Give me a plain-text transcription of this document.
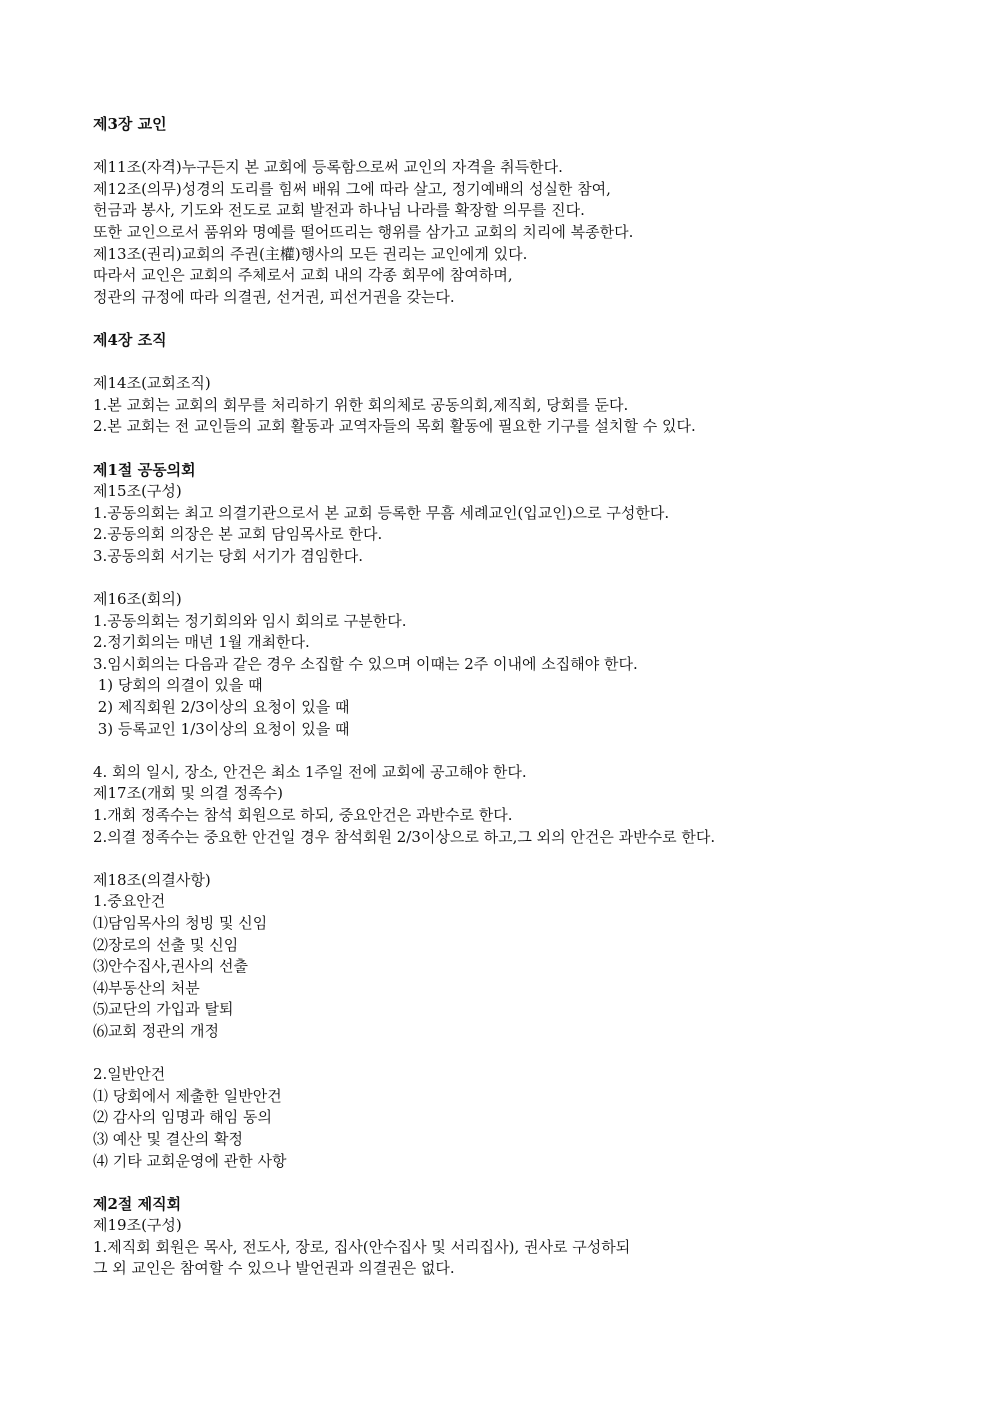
제3장 교인
제11조(자격)누구든지 본 교회에 등록함으로써 교인의 자격을 취득한다.
제12조(의무)성경의 도리를 힘써 배워 그에 따라 살고, 정기예배의 성실한 참여,
헌금과 봉사, 기도와 전도로 교회 발전과 하나님 나라를 확장할 의무를 진다.
또한 교인으로서 품위와 명예를 떨어뜨리는 행위를 삼가고 교회의 치리에 복종한다.
제13조(권리)교회의 주권(主權)행사의 모든 권리는 교인에게 있다.
따라서 교인은 교회의 주체로서 교회 내의 각종 회무에 참여하며,
정관의 규정에 따라 의결권, 선거권, 피선거권을 갖는다.
제4장 조직
제14조(교회조직)
1.본 교회는 교회의 회무를 처리하기 위한 회의체로 공동의회,제직회, 당회를 둔다.
2.본 교회는 전 교인들의 교회 활동과 교역자들의 목회 활동에 필요한 기구를 설치할 수 있다.
제1절 공동의회
제15조(구성)
1.공동의회는 최고 의결기관으로서 본 교회 등록한 무흠 세례교인(입교인)으로 구성한다.
2.공동의회 의장은 본 교회 담임목사로 한다.
3.공동의회 서기는 당회 서기가 겸임한다.
제16조(회의)
1.공동의회는 정기회의와 임시 회의로 구분한다.
2.정기회의는 매년 1월 개최한다.
3.임시회의는 다음과 같은 경우 소집할 수 있으며 이때는 2주 이내에 소집해야 한다.
1) 당회의 의결이 있을 때
2) 제직회원 2/3이상의 요청이 있을 때
3) 등록교인 1/3이상의 요청이 있을 때
4. 회의 일시, 장소, 안건은 최소 1주일 전에 교회에 공고해야 한다.
제17조(개회 및 의결 정족수)
1.개회 정족수는 참석 회원으로 하되, 중요안건은 과반수로 한다.
2.의결 정족수는 중요한 안건일 경우 참석회원 2/3이상으로 하고,그 외의 안건은 과반수로 한다.
제18조(의결사항)
1.중요안건
⑴담임목사의 청빙 및 신임
⑵장로의 선출 및 신임
⑶안수집사,권사의 선출
⑷부동산의 처분
⑸교단의 가입과 탈퇴
⑹교회 정관의 개정
2.일반안건
⑴ 당회에서 제출한 일반안건
⑵ 감사의 임명과 해임 동의
⑶ 예산 및 결산의 확정
⑷ 기타 교회운영에 관한 사항
제2절 제직회
제19조(구성)
1.제직회 회원은 목사, 전도사, 장로, 집사(안수집사 및 서리집사), 권사로 구성하되
그 외 교인은 참여할 수 있으나 발언권과 의결권은 없다.
